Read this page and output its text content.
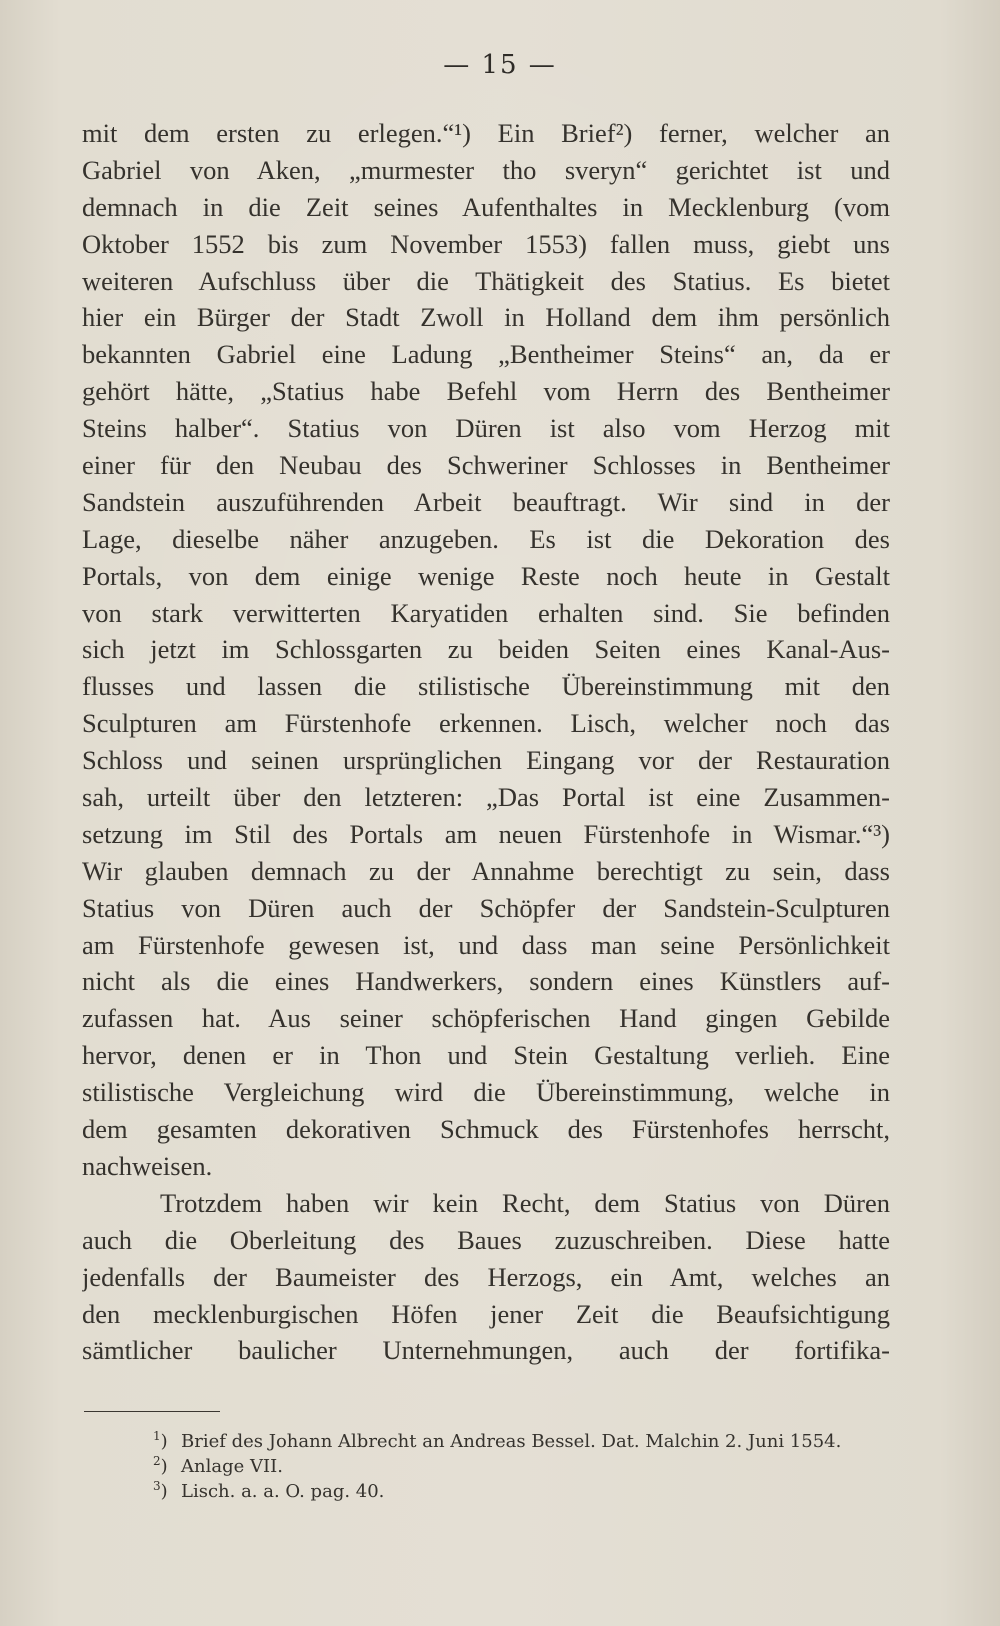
— 15 —
mit dem ersten zu erlegen.“¹) Ein Brief²) ferner, welcher an
Gabriel von Aken, „murmester tho sveryn“ gerichtet ist und
demnach in die Zeit seines Aufenthaltes in Mecklenburg (vom
Oktober 1552 bis zum November 1553) fallen muss, giebt uns
weiteren Aufschluss über die Thätigkeit des Statius. Es bietet
hier ein Bürger der Stadt Zwoll in Holland dem ihm persönlich
bekannten Gabriel eine Ladung „Bentheimer Steins“ an, da er
gehört hätte, „Statius habe Befehl vom Herrn des Bentheimer
Steins halber“. Statius von Düren ist also vom Herzog mit
einer für den Neubau des Schweriner Schlosses in Bentheimer
Sandstein auszuführenden Arbeit beauftragt. Wir sind in der
Lage, dieselbe näher anzugeben. Es ist die Dekoration des
Portals, von dem einige wenige Reste noch heute in Gestalt
von stark verwitterten Karyatiden erhalten sind. Sie befinden
sich jetzt im Schlossgarten zu beiden Seiten eines Kanal-Aus-
flusses und lassen die stilistische Übereinstimmung mit den
Sculpturen am Fürstenhofe erkennen. Lisch, welcher noch das
Schloss und seinen ursprünglichen Eingang vor der Restauration
sah, urteilt über den letzteren: „Das Portal ist eine Zusammen-
setzung im Stil des Portals am neuen Fürstenhofe in Wismar.“³)
Wir glauben demnach zu der Annahme berechtigt zu sein, dass
Statius von Düren auch der Schöpfer der Sandstein-Sculpturen
am Fürstenhofe gewesen ist, und dass man seine Persönlichkeit
nicht als die eines Handwerkers, sondern eines Künstlers auf-
zufassen hat. Aus seiner schöpferischen Hand gingen Gebilde
hervor, denen er in Thon und Stein Gestaltung verlieh. Eine
stilistische Vergleichung wird die Übereinstimmung, welche in
dem gesamten dekorativen Schmuck des Fürstenhofes herrscht,
nachweisen.
Trotzdem haben wir kein Recht, dem Statius von Düren
auch die Oberleitung des Baues zuzuschreiben. Diese hatte
jedenfalls der Baumeister des Herzogs, ein Amt, welches an
den mecklenburgischen Höfen jener Zeit die Beaufsichtigung
sämtlicher baulicher Unternehmungen, auch der fortifika-
$^1$) Brief des Johann Albrecht an Andreas Bessel. Dat. Malchin 2. Juni 1554.
$^2$) Anlage VII.
$^3$) Lisch. a. a. O. pag. 40.
